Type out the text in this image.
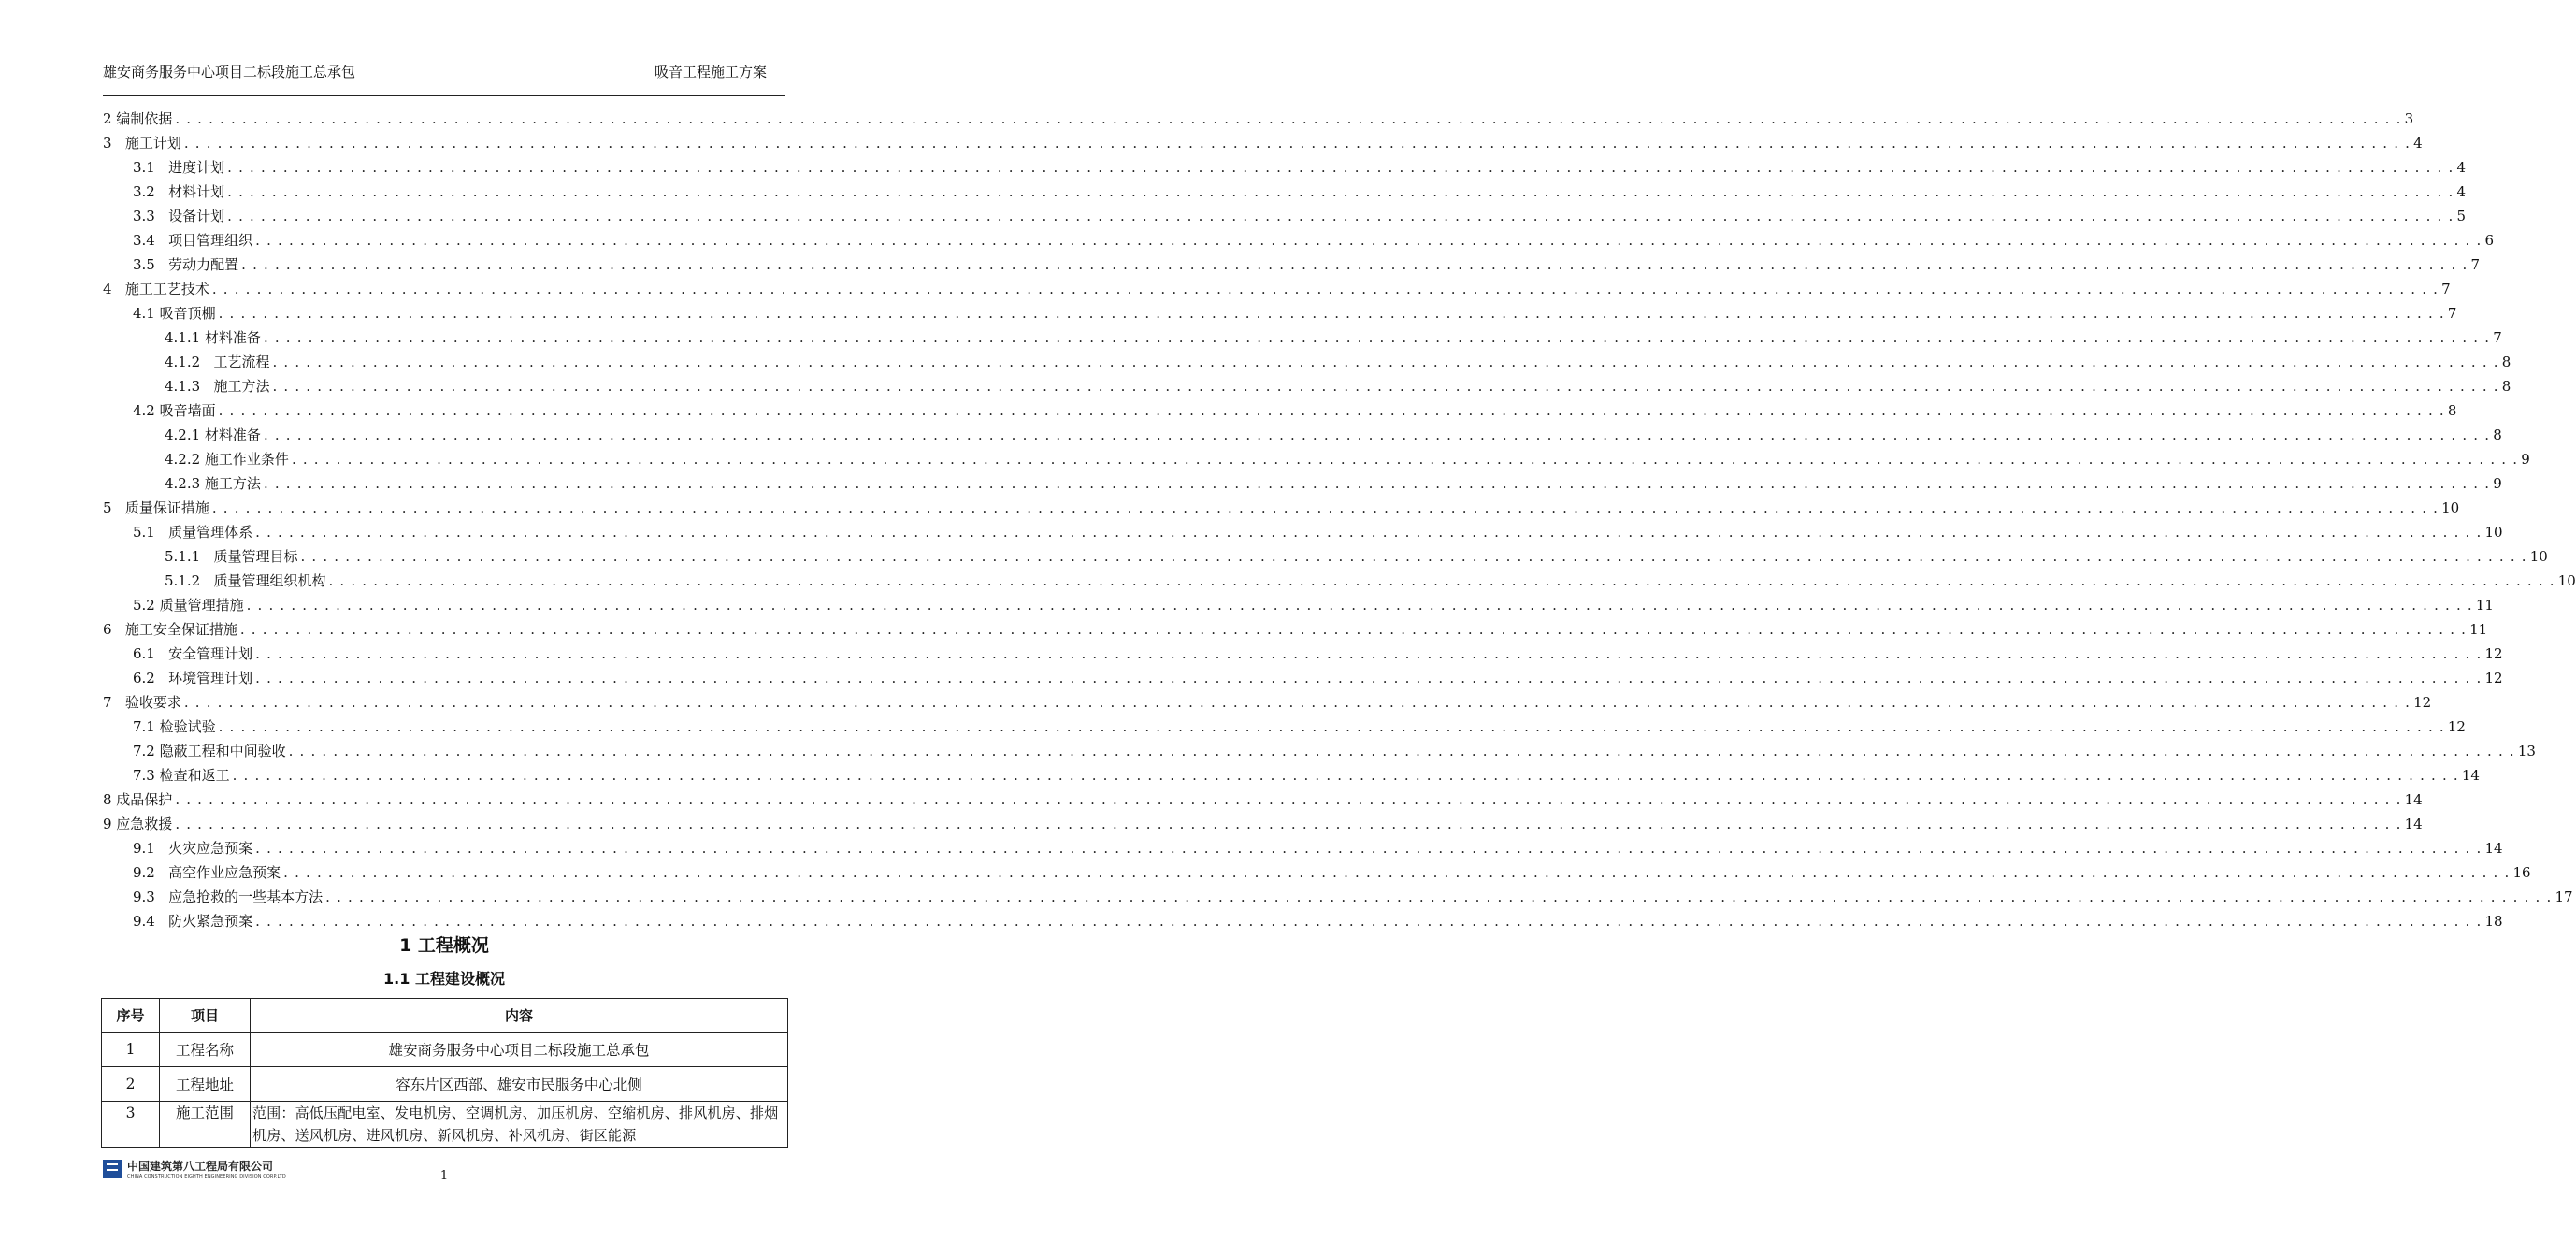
雄安商务服务中心项目二标段施工总承包	吸音工程施工方案
2 编制依据 . . . . . . . . . . . . . . . . . . . . . . . . . . . . . . . . . . . . . . . . . . . . . . . . . . . . . . . . . . . . . . . . . . . . . . . . . . . . . . . . . . . . . . . . . . . . . . . . . . . . . . . . . . . . . . . . . . . . . . . . . . . . . . . . . . . . . . . . . . . . . . . . . . . . . . . . . . . . . . . . . . . . . . . . . . . . . . . . . . . . . . . . . . . . . . . . . . . . . . . . 3
3   施工计划 . . . . . . . . . . . . . . . . . . . . . . . . . . . . . . . . . . . . . . . . . . . . . . . . . . . . . . . . . . . . . . . . . . . . . . . . . . . . . . . . . . . . . . . . . . . . . . . . . . . . . . . . . . . . . . . . . . . . . . . . . . . . . . . . . . . . . . . . . . . . . . . . . . . . . . . . . . . . . . . . . . . . . . . . . . . . . . . . . . . . . . . . . . . . . . . . . . . . . . . . 4
3.1   进度计划 . . . . . . . . . . . . . . . . . . . . . . . . . . . . . . . . . . . . . . . . . . . . . . . . . . . . . . . . . . . . . . . . . . . . . . . . . . . . . . . . . . . . . . . . . . . . . . . . . . . . . . . . . . . . . . . . . . . . . . . . . . . . . . . . . . . . . . . . . . . . . . . . . . . . . . . . . . . . . . . . . . . . . . . . . . . . . . . . . . . . . . . . . . . . . . . . . . . . . . . . 4
3.2   材料计划 . . . . . . . . . . . . . . . . . . . . . . . . . . . . . . . . . . . . . . . . . . . . . . . . . . . . . . . . . . . . . . . . . . . . . . . . . . . . . . . . . . . . . . . . . . . . . . . . . . . . . . . . . . . . . . . . . . . . . . . . . . . . . . . . . . . . . . . . . . . . . . . . . . . . . . . . . . . . . . . . . . . . . . . . . . . . . . . . . . . . . . . . . . . . . . . . . . . . . . . . 4
3.3   设备计划 . . . . . . . . . . . . . . . . . . . . . . . . . . . . . . . . . . . . . . . . . . . . . . . . . . . . . . . . . . . . . . . . . . . . . . . . . . . . . . . . . . . . . . . . . . . . . . . . . . . . . . . . . . . . . . . . . . . . . . . . . . . . . . . . . . . . . . . . . . . . . . . . . . . . . . . . . . . . . . . . . . . . . . . . . . . . . . . . . . . . . . . . . . . . . . . . . . . . . . . . 5
3.4   项目管理组织 . . . . . . . . . . . . . . . . . . . . . . . . . . . . . . . . . . . . . . . . . . . . . . . . . . . . . . . . . . . . . . . . . . . . . . . . . . . . . . . . . . . . . . . . . . . . . . . . . . . . . . . . . . . . . . . . . . . . . . . . . . . . . . . . . . . . . . . . . . . . . . . . . . . . . . . . . . . . . . . . . . . . . . . . . . . . . . . . . . . . . . . . . . . . . . . . . . . . . . . . 6
3.5   劳动力配置 . . . . . . . . . . . . . . . . . . . . . . . . . . . . . . . . . . . . . . . . . . . . . . . . . . . . . . . . . . . . . . . . . . . . . . . . . . . . . . . . . . . . . . . . . . . . . . . . . . . . . . . . . . . . . . . . . . . . . . . . . . . . . . . . . . . . . . . . . . . . . . . . . . . . . . . . . . . . . . . . . . . . . . . . . . . . . . . . . . . . . . . . . . . . . . . . . . . . . . . . 7
4   施工工艺技术 . . . . . . . . . . . . . . . . . . . . . . . . . . . . . . . . . . . . . . . . . . . . . . . . . . . . . . . . . . . . . . . . . . . . . . . . . . . . . . . . . . . . . . . . . . . . . . . . . . . . . . . . . . . . . . . . . . . . . . . . . . . . . . . . . . . . . . . . . . . . . . . . . . . . . . . . . . . . . . . . . . . . . . . . . . . . . . . . . . . . . . . . . . . . . . . . . . . . . . . . 7
4.1 吸音顶棚 . . . . . . . . . . . . . . . . . . . . . . . . . . . . . . . . . . . . . . . . . . . . . . . . . . . . . . . . . . . . . . . . . . . . . . . . . . . . . . . . . . . . . . . . . . . . . . . . . . . . . . . . . . . . . . . . . . . . . . . . . . . . . . . . . . . . . . . . . . . . . . . . . . . . . . . . . . . . . . . . . . . . . . . . . . . . . . . . . . . . . . . . . . . . . . . . . . . . . . . . 7
4.1.1 材料准备 . . . . . . . . . . . . . . . . . . . . . . . . . . . . . . . . . . . . . . . . . . . . . . . . . . . . . . . . . . . . . . . . . . . . . . . . . . . . . . . . . . . . . . . . . . . . . . . . . . . . . . . . . . . . . . . . . . . . . . . . . . . . . . . . . . . . . . . . . . . . . . . . . . . . . . . . . . . . . . . . . . . . . . . . . . . . . . . . . . . . . . . . . . . . . . . . . . . . . . . . 7
4.1.2   工艺流程 . . . . . . . . . . . . . . . . . . . . . . . . . . . . . . . . . . . . . . . . . . . . . . . . . . . . . . . . . . . . . . . . . . . . . . . . . . . . . . . . . . . . . . . . . . . . . . . . . . . . . . . . . . . . . . . . . . . . . . . . . . . . . . . . . . . . . . . . . . . . . . . . . . . . . . . . . . . . . . . . . . . . . . . . . . . . . . . . . . . . . . . . . . . . . . . . . . . . . . . . 8
4.1.3   施工方法 . . . . . . . . . . . . . . . . . . . . . . . . . . . . . . . . . . . . . . . . . . . . . . . . . . . . . . . . . . . . . . . . . . . . . . . . . . . . . . . . . . . . . . . . . . . . . . . . . . . . . . . . . . . . . . . . . . . . . . . . . . . . . . . . . . . . . . . . . . . . . . . . . . . . . . . . . . . . . . . . . . . . . . . . . . . . . . . . . . . . . . . . . . . . . . . . . . . . . . . . 8
4.2 吸音墙面 . . . . . . . . . . . . . . . . . . . . . . . . . . . . . . . . . . . . . . . . . . . . . . . . . . . . . . . . . . . . . . . . . . . . . . . . . . . . . . . . . . . . . . . . . . . . . . . . . . . . . . . . . . . . . . . . . . . . . . . . . . . . . . . . . . . . . . . . . . . . . . . . . . . . . . . . . . . . . . . . . . . . . . . . . . . . . . . . . . . . . . . . . . . . . . . . . . . . . . . . 8
4.2.1 材料准备 . . . . . . . . . . . . . . . . . . . . . . . . . . . . . . . . . . . . . . . . . . . . . . . . . . . . . . . . . . . . . . . . . . . . . . . . . . . . . . . . . . . . . . . . . . . . . . . . . . . . . . . . . . . . . . . . . . . . . . . . . . . . . . . . . . . . . . . . . . . . . . . . . . . . . . . . . . . . . . . . . . . . . . . . . . . . . . . . . . . . . . . . . . . . . . . . . . . . . . . . 8
4.2.2 施工作业条件 . . . . . . . . . . . . . . . . . . . . . . . . . . . . . . . . . . . . . . . . . . . . . . . . . . . . . . . . . . . . . . . . . . . . . . . . . . . . . . . . . . . . . . . . . . . . . . . . . . . . . . . . . . . . . . . . . . . . . . . . . . . . . . . . . . . . . . . . . . . . . . . . . . . . . . . . . . . . . . . . . . . . . . . . . . . . . . . . . . . . . . . . . . . . . . . . . . . . . . . . 9
4.2.3 施工方法 . . . . . . . . . . . . . . . . . . . . . . . . . . . . . . . . . . . . . . . . . . . . . . . . . . . . . . . . . . . . . . . . . . . . . . . . . . . . . . . . . . . . . . . . . . . . . . . . . . . . . . . . . . . . . . . . . . . . . . . . . . . . . . . . . . . . . . . . . . . . . . . . . . . . . . . . . . . . . . . . . . . . . . . . . . . . . . . . . . . . . . . . . . . . . . . . . . . . . . . . 9
5   质量保证措施 . . . . . . . . . . . . . . . . . . . . . . . . . . . . . . . . . . . . . . . . . . . . . . . . . . . . . . . . . . . . . . . . . . . . . . . . . . . . . . . . . . . . . . . . . . . . . . . . . . . . . . . . . . . . . . . . . . . . . . . . . . . . . . . . . . . . . . . . . . . . . . . . . . . . . . . . . . . . . . . . . . . . . . . . . . . . . . . . . . . . . . . . . . . . . . . . . . . . . . . . 10
5.1   质量管理体系 . . . . . . . . . . . . . . . . . . . . . . . . . . . . . . . . . . . . . . . . . . . . . . . . . . . . . . . . . . . . . . . . . . . . . . . . . . . . . . . . . . . . . . . . . . . . . . . . . . . . . . . . . . . . . . . . . . . . . . . . . . . . . . . . . . . . . . . . . . . . . . . . . . . . . . . . . . . . . . . . . . . . . . . . . . . . . . . . . . . . . . . . . . . . . . . . . . . . . . . . 10
5.1.1   质量管理目标 . . . . . . . . . . . . . . . . . . . . . . . . . . . . . . . . . . . . . . . . . . . . . . . . . . . . . . . . . . . . . . . . . . . . . . . . . . . . . . . . . . . . . . . . . . . . . . . . . . . . . . . . . . . . . . . . . . . . . . . . . . . . . . . . . . . . . . . . . . . . . . . . . . . . . . . . . . . . . . . . . . . . . . . . . . . . . . . . . . . . . . . . . . . . . . . . . . . . . . . . 10
5.1.2   质量管理组织机构 . . . . . . . . . . . . . . . . . . . . . . . . . . . . . . . . . . . . . . . . . . . . . . . . . . . . . . . . . . . . . . . . . . . . . . . . . . . . . . . . . . . . . . . . . . . . . . . . . . . . . . . . . . . . . . . . . . . . . . . . . . . . . . . . . . . . . . . . . . . . . . . . . . . . . . . . . . . . . . . . . . . . . . . . . . . . . . . . . . . . . . . . . . . . . . . . . . . . . . . . 10
5.2 质量管理措施 . . . . . . . . . . . . . . . . . . . . . . . . . . . . . . . . . . . . . . . . . . . . . . . . . . . . . . . . . . . . . . . . . . . . . . . . . . . . . . . . . . . . . . . . . . . . . . . . . . . . . . . . . . . . . . . . . . . . . . . . . . . . . . . . . . . . . . . . . . . . . . . . . . . . . . . . . . . . . . . . . . . . . . . . . . . . . . . . . . . . . . . . . . . . . . . . . . . . . . . . 11
6   施工安全保证措施 . . . . . . . . . . . . . . . . . . . . . . . . . . . . . . . . . . . . . . . . . . . . . . . . . . . . . . . . . . . . . . . . . . . . . . . . . . . . . . . . . . . . . . . . . . . . . . . . . . . . . . . . . . . . . . . . . . . . . . . . . . . . . . . . . . . . . . . . . . . . . . . . . . . . . . . . . . . . . . . . . . . . . . . . . . . . . . . . . . . . . . . . . . . . . . . . . . . . . . . . 11
6.1   安全管理计划 . . . . . . . . . . . . . . . . . . . . . . . . . . . . . . . . . . . . . . . . . . . . . . . . . . . . . . . . . . . . . . . . . . . . . . . . . . . . . . . . . . . . . . . . . . . . . . . . . . . . . . . . . . . . . . . . . . . . . . . . . . . . . . . . . . . . . . . . . . . . . . . . . . . . . . . . . . . . . . . . . . . . . . . . . . . . . . . . . . . . . . . . . . . . . . . . . . . . . . . . 12
6.2   环境管理计划 . . . . . . . . . . . . . . . . . . . . . . . . . . . . . . . . . . . . . . . . . . . . . . . . . . . . . . . . . . . . . . . . . . . . . . . . . . . . . . . . . . . . . . . . . . . . . . . . . . . . . . . . . . . . . . . . . . . . . . . . . . . . . . . . . . . . . . . . . . . . . . . . . . . . . . . . . . . . . . . . . . . . . . . . . . . . . . . . . . . . . . . . . . . . . . . . . . . . . . . . 12
7   验收要求 . . . . . . . . . . . . . . . . . . . . . . . . . . . . . . . . . . . . . . . . . . . . . . . . . . . . . . . . . . . . . . . . . . . . . . . . . . . . . . . . . . . . . . . . . . . . . . . . . . . . . . . . . . . . . . . . . . . . . . . . . . . . . . . . . . . . . . . . . . . . . . . . . . . . . . . . . . . . . . . . . . . . . . . . . . . . . . . . . . . . . . . . . . . . . . . . . . . . . . . . 12
7.1 检验试验 . . . . . . . . . . . . . . . . . . . . . . . . . . . . . . . . . . . . . . . . . . . . . . . . . . . . . . . . . . . . . . . . . . . . . . . . . . . . . . . . . . . . . . . . . . . . . . . . . . . . . . . . . . . . . . . . . . . . . . . . . . . . . . . . . . . . . . . . . . . . . . . . . . . . . . . . . . . . . . . . . . . . . . . . . . . . . . . . . . . . . . . . . . . . . . . . . . . . . . . . 12
7.2 隐蔽工程和中间验收 . . . . . . . . . . . . . . . . . . . . . . . . . . . . . . . . . . . . . . . . . . . . . . . . . . . . . . . . . . . . . . . . . . . . . . . . . . . . . . . . . . . . . . . . . . . . . . . . . . . . . . . . . . . . . . . . . . . . . . . . . . . . . . . . . . . . . . . . . . . . . . . . . . . . . . . . . . . . . . . . . . . . . . . . . . . . . . . . . . . . . . . . . . . . . . . . . . . . . . . . 13
7.3 检查和返工 . . . . . . . . . . . . . . . . . . . . . . . . . . . . . . . . . . . . . . . . . . . . . . . . . . . . . . . . . . . . . . . . . . . . . . . . . . . . . . . . . . . . . . . . . . . . . . . . . . . . . . . . . . . . . . . . . . . . . . . . . . . . . . . . . . . . . . . . . . . . . . . . . . . . . . . . . . . . . . . . . . . . . . . . . . . . . . . . . . . . . . . . . . . . . . . . . . . . . . . . 14
8 成品保护 . . . . . . . . . . . . . . . . . . . . . . . . . . . . . . . . . . . . . . . . . . . . . . . . . . . . . . . . . . . . . . . . . . . . . . . . . . . . . . . . . . . . . . . . . . . . . . . . . . . . . . . . . . . . . . . . . . . . . . . . . . . . . . . . . . . . . . . . . . . . . . . . . . . . . . . . . . . . . . . . . . . . . . . . . . . . . . . . . . . . . . . . . . . . . . . . . . . . . . . . 14
9 应急救援 . . . . . . . . . . . . . . . . . . . . . . . . . . . . . . . . . . . . . . . . . . . . . . . . . . . . . . . . . . . . . . . . . . . . . . . . . . . . . . . . . . . . . . . . . . . . . . . . . . . . . . . . . . . . . . . . . . . . . . . . . . . . . . . . . . . . . . . . . . . . . . . . . . . . . . . . . . . . . . . . . . . . . . . . . . . . . . . . . . . . . . . . . . . . . . . . . . . . . . . . 14
9.1   火灾应急预案 . . . . . . . . . . . . . . . . . . . . . . . . . . . . . . . . . . . . . . . . . . . . . . . . . . . . . . . . . . . . . . . . . . . . . . . . . . . . . . . . . . . . . . . . . . . . . . . . . . . . . . . . . . . . . . . . . . . . . . . . . . . . . . . . . . . . . . . . . . . . . . . . . . . . . . . . . . . . . . . . . . . . . . . . . . . . . . . . . . . . . . . . . . . . . . . . . . . . . . . . 14
9.2   高空作业应急预案 . . . . . . . . . . . . . . . . . . . . . . . . . . . . . . . . . . . . . . . . . . . . . . . . . . . . . . . . . . . . . . . . . . . . . . . . . . . . . . . . . . . . . . . . . . . . . . . . . . . . . . . . . . . . . . . . . . . . . . . . . . . . . . . . . . . . . . . . . . . . . . . . . . . . . . . . . . . . . . . . . . . . . . . . . . . . . . . . . . . . . . . . . . . . . . . . . . . . . . . . 16
9.3   应急抢救的一些基本方法 . . . . . . . . . . . . . . . . . . . . . . . . . . . . . . . . . . . . . . . . . . . . . . . . . . . . . . . . . . . . . . . . . . . . . . . . . . . . . . . . . . . . . . . . . . . . . . . . . . . . . . . . . . . . . . . . . . . . . . . . . . . . . . . . . . . . . . . . . . . . . . . . . . . . . . . . . . . . . . . . . . . . . . . . . . . . . . . . . . . . . . . . . . . . . . . . . . . . . . . . 17
9.4   防火紧急预案 . . . . . . . . . . . . . . . . . . . . . . . . . . . . . . . . . . . . . . . . . . . . . . . . . . . . . . . . . . . . . . . . . . . . . . . . . . . . . . . . . . . . . . . . . . . . . . . . . . . . . . . . . . . . . . . . . . . . . . . . . . . . . . . . . . . . . . . . . . . . . . . . . . . . . . . . . . . . . . . . . . . . . . . . . . . . . . . . . . . . . . . . . . . . . . . . . . . . . . . . 18
1 工程概况
1.1 工程建设概况
序号	项目	内容
1	工程名称	雄安商务服务中心项目二标段施工总承包
2	工程地址	容东片区西部、雄安市民服务中心北侧
3	施工范围	范围：高低压配电室、发电机房、空调机房、加压机房、空缩机房、排风机房、排烟机房、送风机房、进风机房、新风机房、补风机房、街区能源
中国建筑第八工程局有限公司
CHINA CONSTRUCTION EIGHTH ENGINEERING DIVISION CORP.LTD	1
